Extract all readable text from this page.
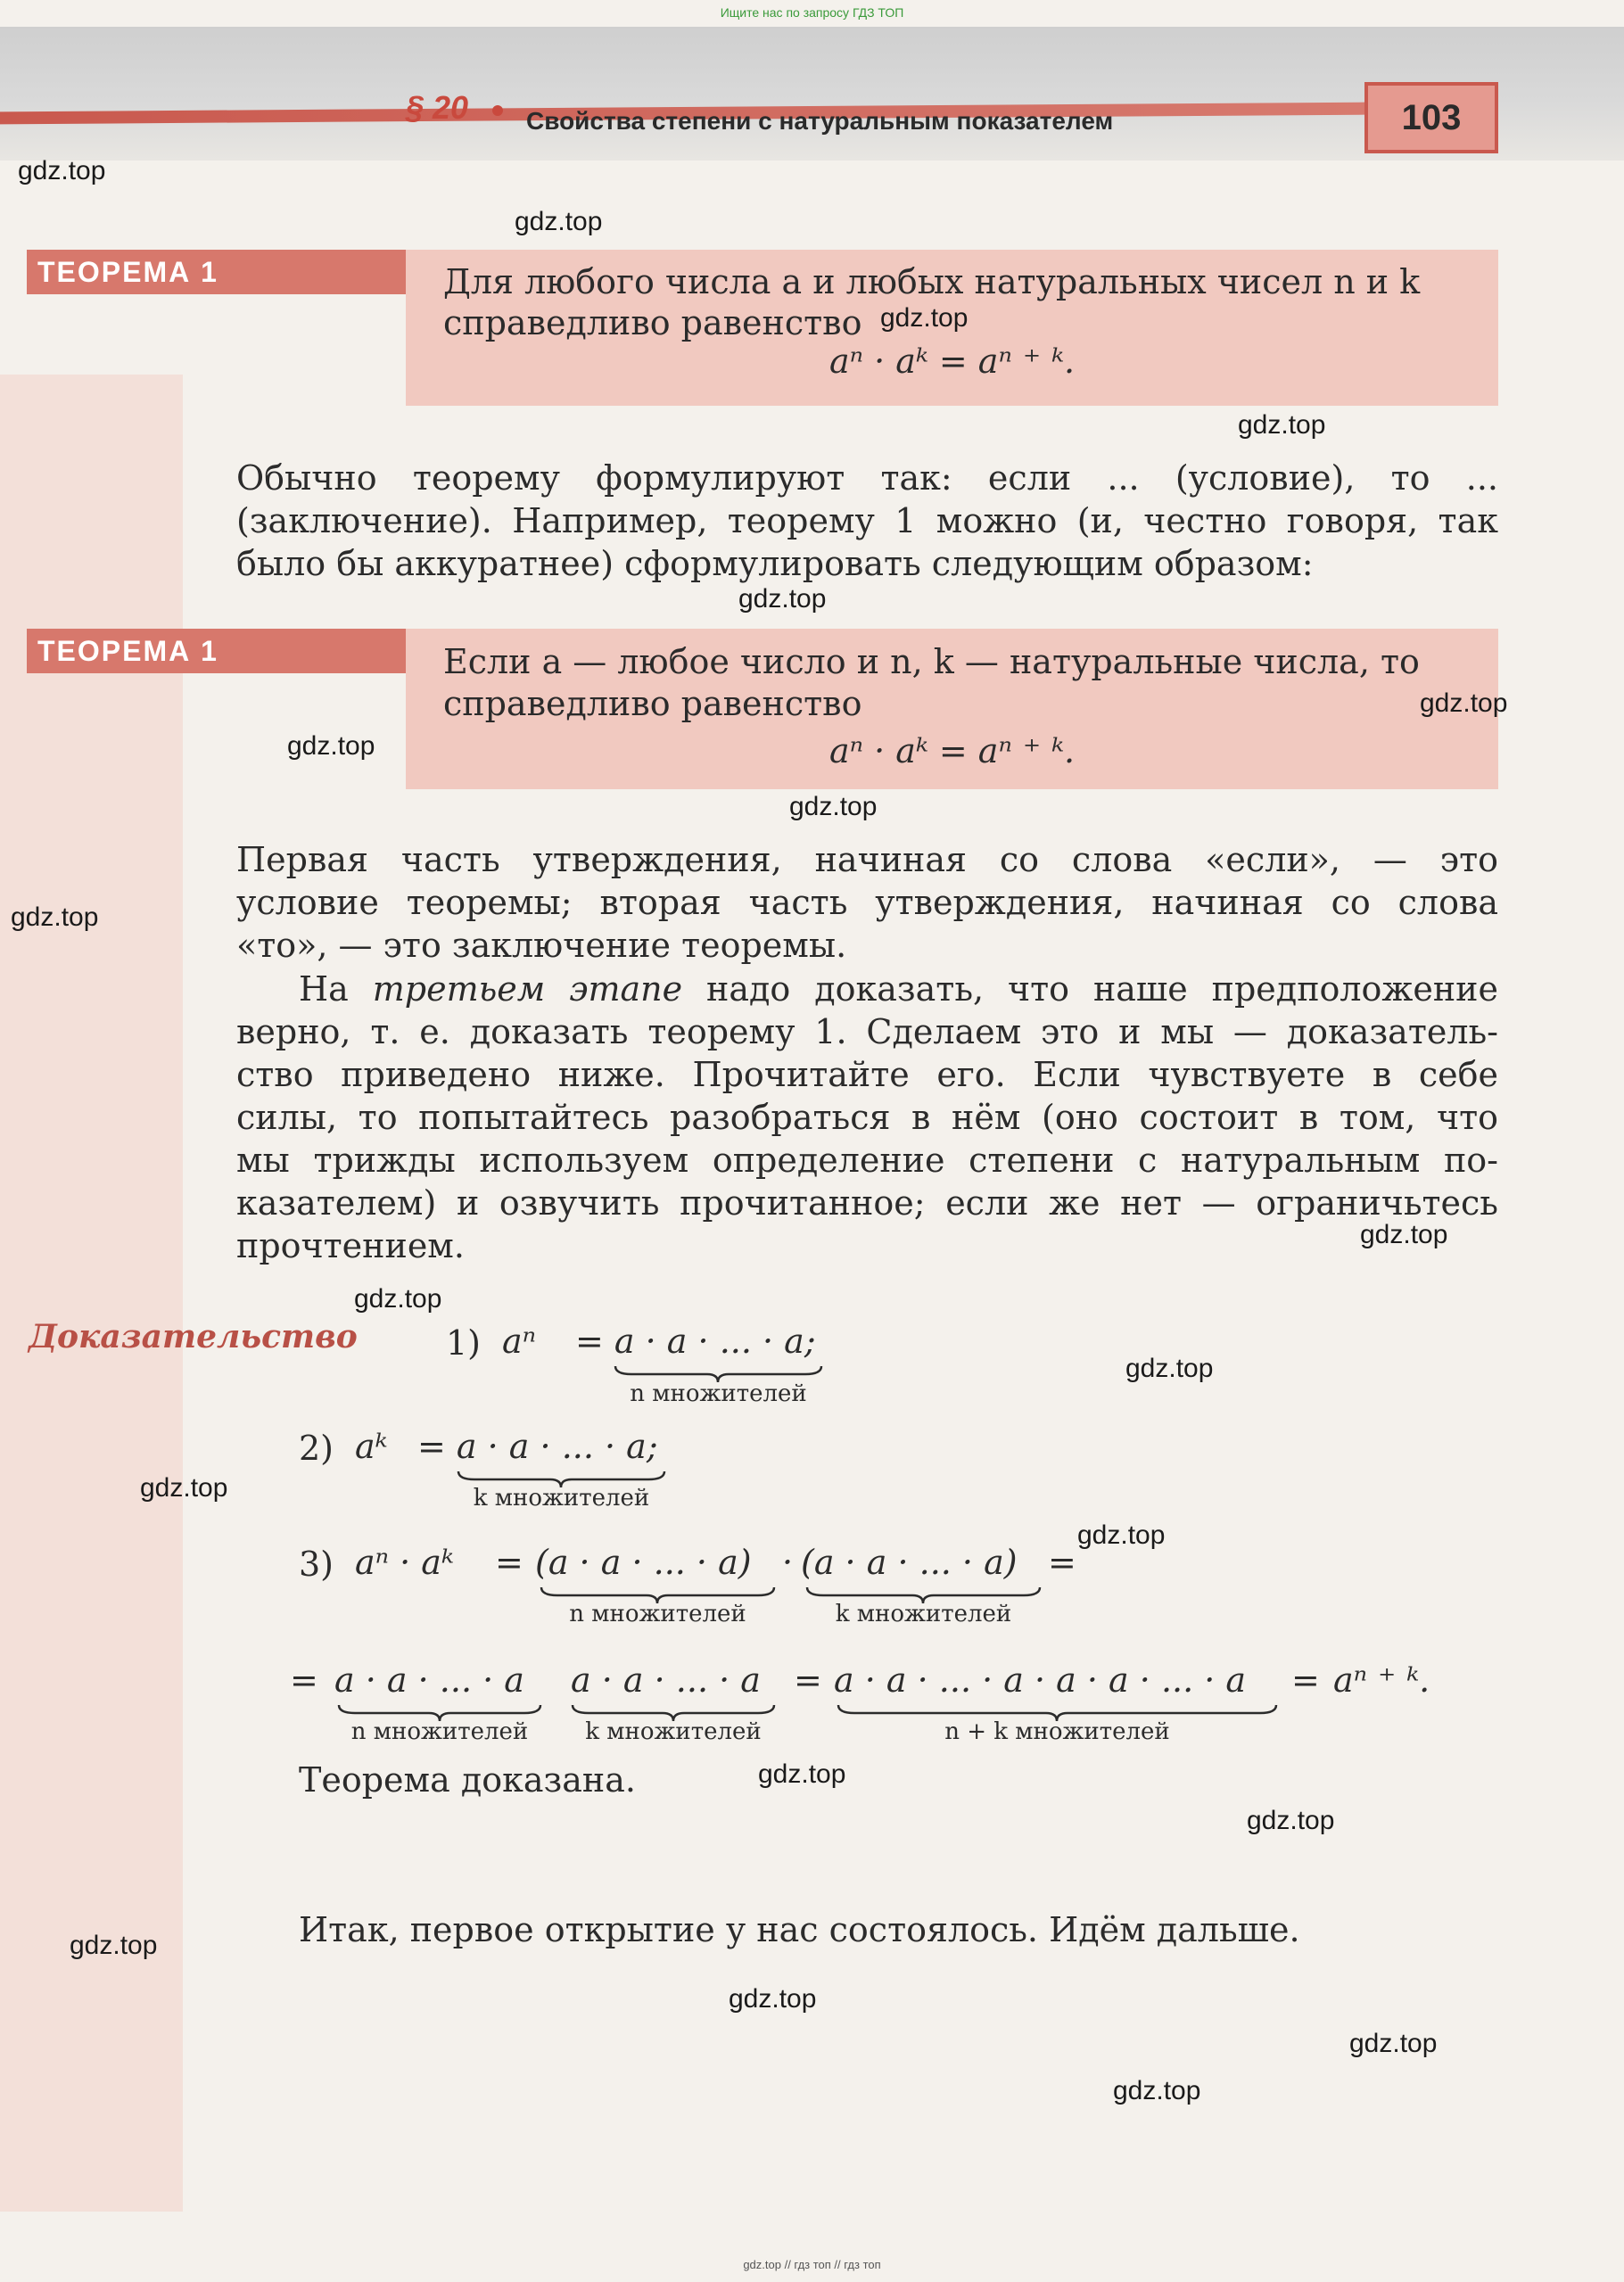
Ищите нас по запросу ГДЗ ТОП
§ 20 Свойства степени с натуральным показателем	103
ТЕОРЕМА 1	Для любого числа a и любых натуральных чисел n и k
справедливо равенство
aⁿ · aᵏ = aⁿ ⁺ ᵏ.
Обычно теорему формулируют так: если ... (условие), то ...
(заключение). Например, теорему 1 можно (и, честно говоря, так
было бы аккуратнее) сформулировать следующим образом:
ТЕОРЕМА 1	Если a — любое число и n, k — натуральные числа, то
справедливо равенство
aⁿ · aᵏ = aⁿ ⁺ ᵏ.
Первая часть утверждения, начиная со слова «если», — это
условие теоремы; вторая часть утверждения, начиная со слова
«то», — это заключение теоремы.
На третьем этапе надо доказать, что наше предположение
верно, т. е. доказать теорему 1. Сделаем это и мы — доказатель-
ство приведено ниже. Прочитайте его. Если чувствуете в себе
силы, то попытайтесь разобраться в нём (оно состоит в том, что
мы трижды используем определение степени с натуральным по-
казателем) и озвучить прочитанное; если же нет — ограничьтесь
прочтением.
Доказательство	1) aⁿ = a · a · ... · a;
n множителей
2) aᵏ = a · a · ... · a;
k множителей
3) aⁿ · aᵏ = (a · a · ... · a) · (a · a · ... · a) =
n множителей	k множителей
= a · a · ... · a a · a · ... · a = a · a · ... · a · a · a · ... · a = aⁿ ⁺ ᵏ.
n множителей	k множителей	n + k множителей
Теорема доказана.
Итак, первое открытие у нас состоялось. Идём дальше.
gdz.top
gdz.top
gdz.top
gdz.top
gdz.top
gdz.top
gdz.top
gdz.top
gdz.top
gdz.top
gdz.top
gdz.top
gdz.top
gdz.top
gdz.top
gdz.top
gdz.top
gdz.top
gdz.top
gdz.top
gdz.top // гдз топ // гдз топ
